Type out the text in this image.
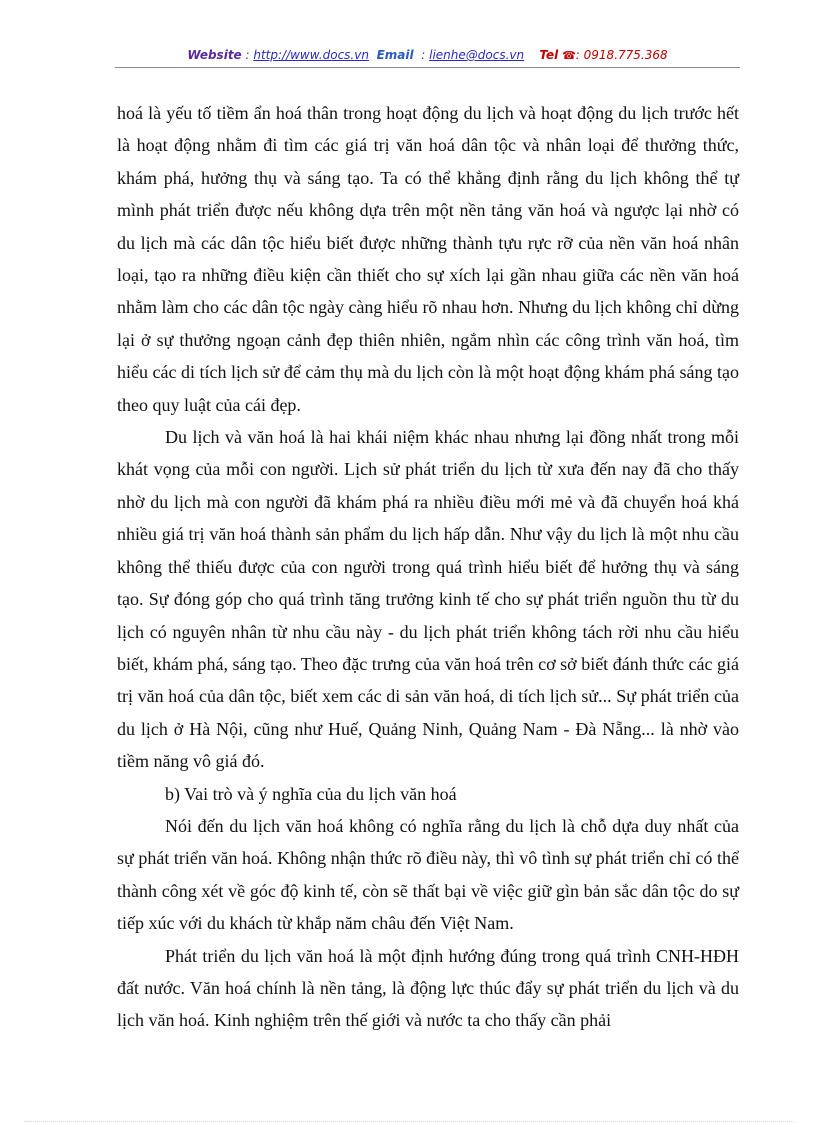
Website : http://www.docs.vn Email  : lienhe@docs.vn Tel ☎: 0918.775.368

hoá là yếu tố tiềm ẩn hoá thân trong hoạt động du lịch và hoạt động du lịch trước hết là hoạt động nhằm đi tìm các giá trị văn hoá dân tộc và nhân loại để thưởng thức, khám phá, hưởng thụ và sáng tạo. Ta có thể khẳng định rằng du lịch không thể tự mình phát triển được nếu không dựa trên một nền tảng văn hoá và ngược lại nhờ có du lịch mà các dân tộc hiểu biết được những thành tựu rực rỡ của nền văn hoá nhân loại, tạo ra những điều kiện cần thiết cho sự xích lại gần nhau giữa các nền văn hoá nhằm làm cho các dân tộc ngày càng hiểu rõ nhau hơn. Nhưng du lịch không chỉ dừng lại ở sự thưởng ngoạn cảnh đẹp thiên nhiên, ngắm nhìn các công trình văn hoá, tìm hiểu các di tích lịch sử để cảm thụ mà du lịch còn là một hoạt động khám phá sáng tạo theo quy luật của cái đẹp.

Du lịch và văn hoá là hai khái niệm khác nhau nhưng lại đồng nhất trong mỗi khát vọng của mỗi con người. Lịch sử phát triển du lịch từ xưa đến nay đã cho thấy nhờ du lịch mà con người đã khám phá ra nhiều điều mới mẻ và đã chuyển hoá khá nhiều giá trị văn hoá thành sản phẩm du lịch hấp dẫn. Như vậy du lịch là một nhu cầu không thể thiếu được của con người trong quá trình hiểu biết để hưởng thụ và sáng tạo. Sự đóng góp cho quá trình tăng trưởng kinh tế cho sự phát triển nguồn thu từ du lịch có nguyên nhân từ nhu cầu này - du lịch phát triển không tách rời nhu cầu hiểu biết, khám phá, sáng tạo. Theo đặc trưng của văn hoá trên cơ sở biết đánh thức các giá trị văn hoá của dân tộc, biết xem các di sản văn hoá, di tích lịch sử... Sự phát triển của du lịch ở Hà Nội, cũng như Huế, Quảng Ninh, Quảng Nam - Đà Nẵng... là nhờ vào tiềm năng vô giá đó.

b) Vai trò và ý nghĩa của du lịch văn hoá

Nói đến du lịch văn hoá không có nghĩa rằng du lịch là chỗ dựa duy nhất của sự phát triển văn hoá. Không nhận thức rõ điều này, thì vô tình sự phát triển chỉ có thể thành công xét về góc độ kinh tế, còn sẽ thất bại về việc giữ gìn bản sắc dân tộc do sự tiếp xúc với du khách từ khắp năm châu đến Việt Nam.

Phát triển du lịch văn hoá là một định hướng đúng trong quá trình CNH-HĐH đất nước. Văn hoá chính là nền tảng, là động lực thúc đẩy sự phát triển du lịch và du lịch văn hoá. Kinh nghiệm trên thế giới và nước ta cho thấy cần phải
